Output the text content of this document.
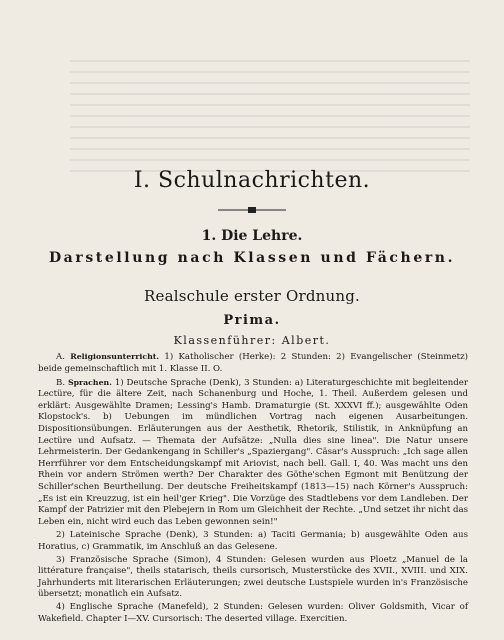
I. Schulnachrichten.
1. Die Lehre.
Darstellung nach Klassen und Fächern.
Realschule erster Ordnung.
Prima.
Klassenführer: Albert.

A. Religionsunterricht. 1) Katholischer (Herke): 2 Stunden: 2) Evangelischer (Steinmetz) beide gemeinschaftlich mit 1. Klasse II. O.

B. Sprachen. 1) Deutsche Sprache (Denk), 3 Stunden: a) Literaturgeschichte mit begleitender Lectüre, für die ältere Zeit, nach Schanenburg und Hoche, 1. Theil. Außerdem gelesen und erklärt: Ausgewählte Dramen; Lessing's Hamb. Dramaturgie (St. XXXVI ff.); ausgewählte Oden Klopstock's. b) Uebungen im mündlichen Vortrag nach eigenen Ausarbeitungen. Dispositionsübungen. Erläuterungen aus der Aesthetik, Rhetorik, Stilistik, in Anknüpfung an Lectüre und Aufsatz. — Themata der Aufsätze: „Nulla dies sine linea". Die Natur unsere Lehrmeisterin. Der Gedankengang in Schiller's „Spaziergang". Cäsar's Ausspruch: „Ich sage allen Herrführer vor dem Entscheidungskampf mit Ariovist, nach bell. Gall. I, 40. Was macht uns den Rhein vor andern Strömen werth? Der Charakter des Göthe'schen Egmont mit Benützung der Schiller'schen Beurtheilung. Der deutsche Freiheitskampf (1813—15) nach Körner's Ausspruch: „Es ist ein Kreuzzug, ist ein heil'ger Krieg". Die Vorzüge des Stadtlebens vor dem Landleben. Der Kampf der Patrizier mit den Plebejern in Rom um Gleichheit der Rechte. „Und setzet ihr nicht das Leben ein, nicht wird euch das Leben gewonnen sein!"

2) Lateinische Sprache (Denk), 3 Stunden: a) Taciti Germania; b) ausgewählte Oden aus Horatius, c) Grammatik, im Anschluß an das Gelesene.

3) Französische Sprache (Simon), 4 Stunden: Gelesen wurden aus Ploetz „Manuel de la littérature française", theils statarisch, theils cursorisch, Musterstücke des XVII., XVIII. und XIX. Jahrhunderts mit literarischen Erläuterungen; zwei deutsche Lustspiele wurden in's Französische übersetzt; monatlich ein Aufsatz.

4) Englische Sprache (Manefeld), 2 Stunden: Gelesen wurden: Oliver Goldsmith, Vicar of Wakefield. Chapter I—XV. Cursorisch: The deserted village. Exercitien.
